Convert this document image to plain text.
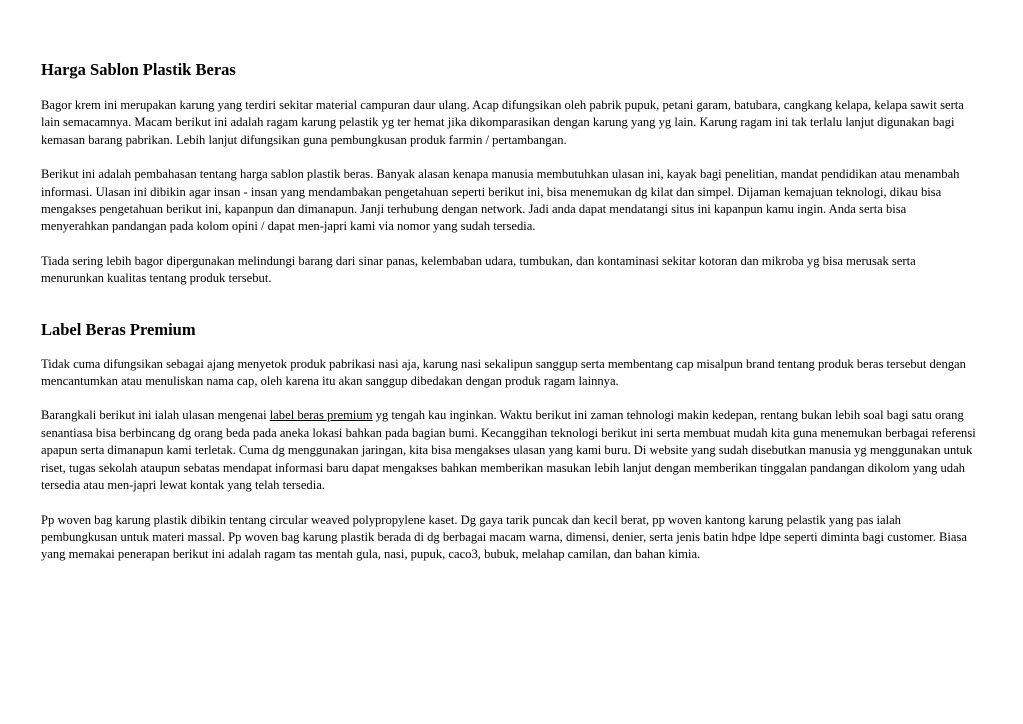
Harga Sablon Plastik Beras

Bagor krem ini merupakan karung yang terdiri sekitar material campuran daur ulang. Acap difungsikan oleh pabrik pupuk, petani garam, batubara, cangkang kelapa, kelapa sawit serta lain semacamnya. Macam berikut ini adalah ragam karung pelastik yg ter hemat jika dikomparasikan dengan karung yang yg lain. Karung ragam ini tak terlalu lanjut digunakan bagi kemasan barang pabrikan. Lebih lanjut difungsikan guna pembungkusan produk farmin / pertambangan.

Berikut ini adalah pembahasan tentang harga sablon plastik beras. Banyak alasan kenapa manusia membutuhkan ulasan ini, kayak bagi penelitian, mandat pendidikan atau menambah informasi. Ulasan ini dibikin agar insan - insan yang mendambakan pengetahuan seperti berikut ini, bisa menemukan dg kilat dan simpel. Dijaman kemajuan teknologi, dikau bisa mengakses pengetahuan berikut ini, kapanpun dan dimanapun. Janji terhubung dengan network. Jadi anda dapat mendatangi situs ini kapanpun kamu ingin. Anda serta bisa menyerahkan pandangan pada kolom opini / dapat men-japri kami via nomor yang sudah tersedia.

Tiada sering lebih bagor dipergunakan melindungi barang dari sinar panas, kelembaban udara, tumbukan, dan kontaminasi sekitar kotoran dan mikroba yg bisa merusak serta menurunkan kualitas tentang produk tersebut.

Label Beras Premium

Tidak cuma difungsikan sebagai ajang menyetok produk pabrikasi nasi aja, karung nasi sekalipun sanggup serta membentang cap misalpun brand tentang produk beras tersebut dengan mencantumkan atau menuliskan nama cap, oleh karena itu akan sanggup dibedakan dengan produk ragam lainnya.

Barangkali berikut ini ialah ulasan mengenai label beras premium yg tengah kau inginkan. Waktu berikut ini zaman tehnologi makin kedepan, rentang bukan lebih soal bagi satu orang senantiasa bisa berbincang dg orang beda pada aneka lokasi bahkan pada bagian bumi. Kecanggihan teknologi berikut ini serta membuat mudah kita guna menemukan berbagai referensi apapun serta dimanapun kami terletak. Cuma dg menggunakan jaringan, kita bisa mengakses ulasan yang kami buru. Di website yang sudah disebutkan manusia yg menggunakan untuk riset, tugas sekolah ataupun sebatas mendapat informasi baru dapat mengakses bahkan memberikan masukan lebih lanjut dengan memberikan tinggalan pandangan dikolom yang udah tersedia atau men-japri lewat kontak yang telah tersedia.

Pp woven bag karung plastik dibikin tentang circular weaved polypropylene kaset. Dg gaya tarik puncak dan kecil berat, pp woven kantong karung pelastik yang pas ialah pembungkusan untuk materi massal. Pp woven bag karung plastik berada di dg berbagai macam warna, dimensi, denier, serta jenis batin hdpe ldpe seperti diminta bagi customer. Biasa yang memakai penerapan berikut ini adalah ragam tas mentah gula, nasi, pupuk, caco3, bubuk, melahap camilan, dan bahan kimia.
